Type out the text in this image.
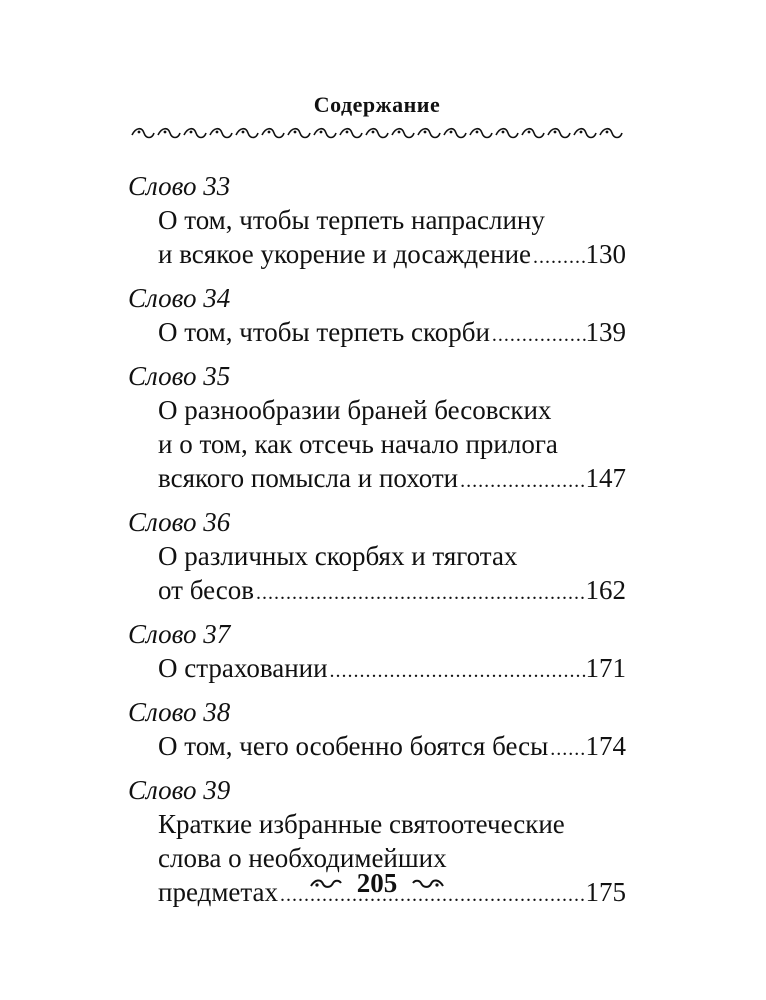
Содержание
Слово 33
О том, чтобы терпеть напраслину
и всякое укорение и досаждение ..... 130
Слово 34
О том, чтобы терпеть скорби .....	139
Слово 35
О разнообразии браней бесовских
и о том, как отсечь начало прилога
всякого помысла и похоти .....	147
Слово 36
О различных скорбях и тяготах
от бесов .....	162
Слово 37
О страховании .....	171
Слово 38
О том, чего особенно боятся бесы ..... 174
Слово 39
Краткие избранные святоотеческие
слова о необходимейших
предметах .....	175
205
